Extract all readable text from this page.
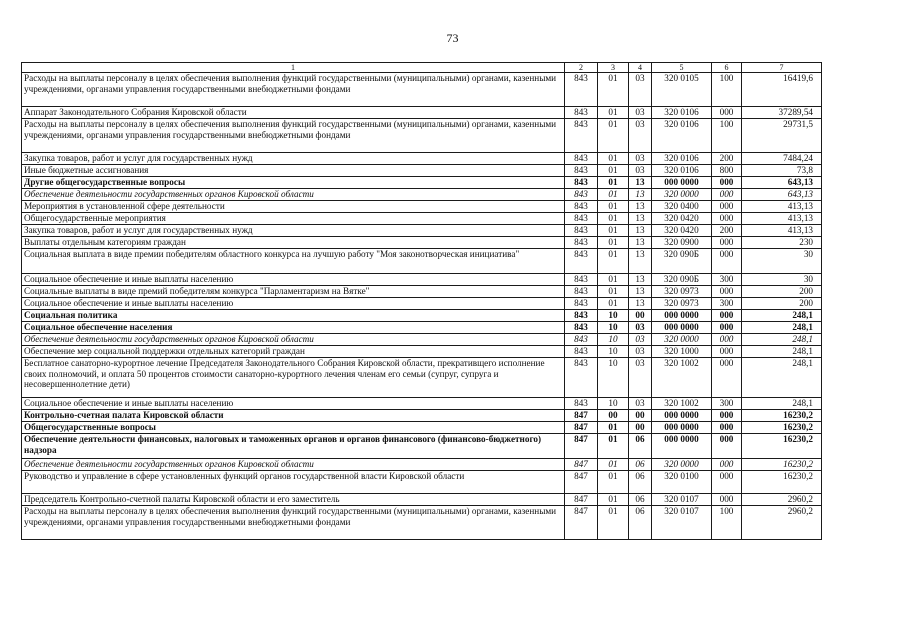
73
1	2	3	4	5	6	7
Расходы на выплаты персоналу в целях обеспечения выполнения функций государственными (муниципальными) органами, казенными учреждениями, органами управления государственными внебюджетными фондами	843	01	03	320 0105	100	16419,6
Аппарат Законодательного Собрания Кировской области	843	01	03	320 0106	000	37289,54
Расходы на выплаты персоналу в целях обеспечения выполнения функций государственными (муниципальными) органами, казенными учреждениями, органами управления государственными внебюджетными фондами	843	01	03	320 0106	100	29731,5
Закупка товаров, работ и услуг для государственных нужд	843	01	03	320 0106	200	7484,24
Иные бюджетные ассигнования	843	01	03	320 0106	800	73,8
Другие общегосударственные вопросы	843	01	13	000 0000	000	643,13
Обеспечение деятельности государственных органов Кировской области	843	01	13	320 0000	000	643,13
Мероприятия в установленной сфере деятельности	843	01	13	320 0400	000	413,13
Общегосударственные мероприятия	843	01	13	320 0420	000	413,13
Закупка товаров, работ и услуг для государственных нужд	843	01	13	320 0420	200	413,13
Выплаты отдельным категориям граждан	843	01	13	320 0900	000	230
Социальная выплата в виде премии победителям областного конкурса на лучшую работу "Моя законотворческая инициатива"	843	01	13	320 090Б	000	30
Социальное обеспечение и иные выплаты населению	843	01	13	320 090Б	300	30
Социальные выплаты в виде премий победителям конкурса "Парламентаризм на Вятке"	843	01	13	320 0973	000	200
Социальное обеспечение и иные выплаты населению	843	01	13	320 0973	300	200
Социальная политика	843	10	00	000 0000	000	248,1
Социальное обеспечение населения	843	10	03	000 0000	000	248,1
Обеспечение деятельности государственных органов Кировской области	843	10	03	320 0000	000	248,1
Обеспечение мер социальной поддержки отдельных категорий граждан	843	10	03	320 1000	000	248,1
Бесплатное санаторно-курортное лечение Председателя Законодательного Собрания Кировской области, прекративщего исполнение своих полномочий, и оплата 50 процентов стоимости санаторно-курортного лечения членам его семьи (супруг, супруга и несовершеннолетние дети)	843	10	03	320 1002	000	248,1
Социальное обеспечение и иные выплаты населению	843	10	03	320 1002	300	248,1
Контрольно-счетная палата Кировской области	847	00	00	000 0000	000	16230,2
Общегосударственные вопросы	847	01	00	000 0000	000	16230,2
Обеспечение деятельности финансовых, налоговых и таможенных органов и органов финансового (финансово-бюджетного) надзора	847	01	06	000 0000	000	16230,2
Обеспечение деятельности государственных органов Кировской области	847	01	06	320 0000	000	16230,2
Руководство и управление в сфере установленных функций органов государственной власти Кировской области	847	01	06	320 0100	000	16230,2
Председатель Контрольно-счетной палаты Кировской области и его заместитель	847	01	06	320 0107	000	2960,2
Расходы на выплаты персоналу в целях обеспечения выполнения функций государственными (муниципальными) органами, казенными учреждениями, органами управления государственными внебюджетными фондами	847	01	06	320 0107	100	2960,2
